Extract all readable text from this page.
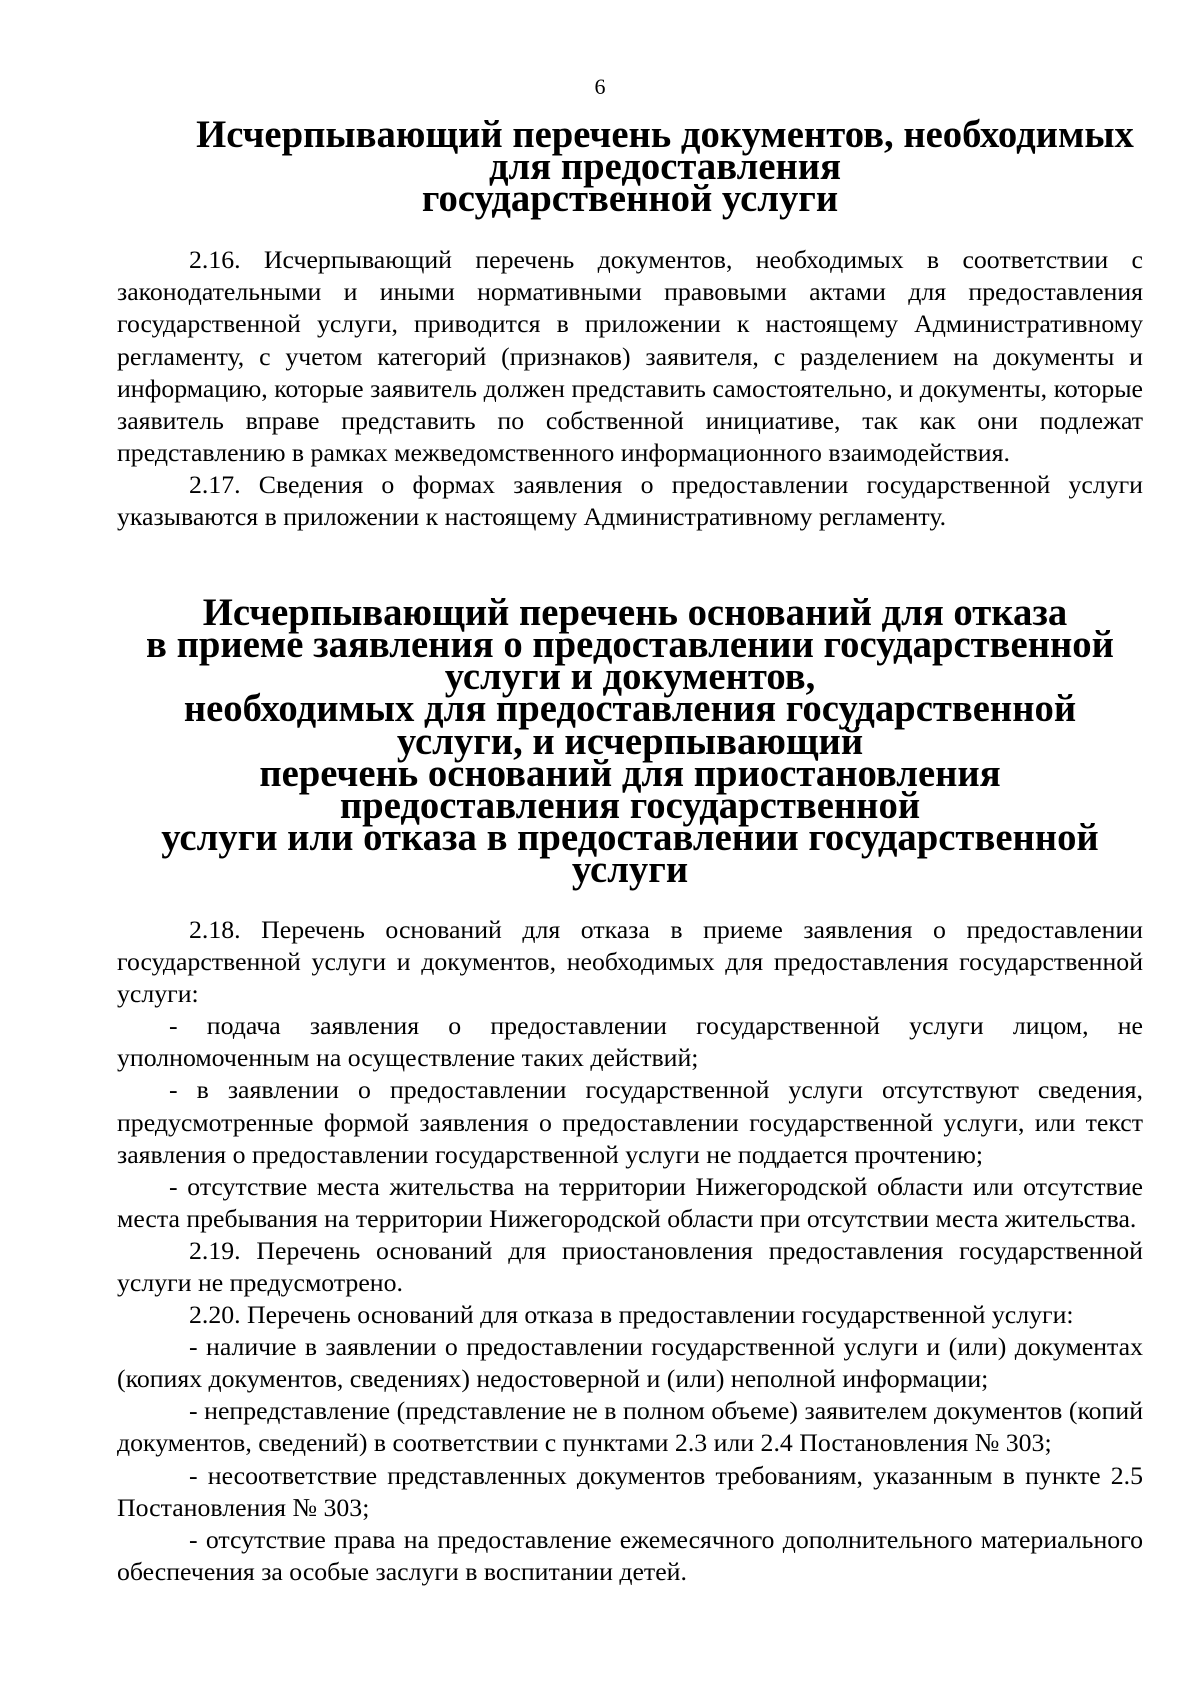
6
Исчерпывающий перечень документов, необходимых для предоставления
государственной услуги

2.16. Исчерпывающий перечень документов, необходимых в соответствии с законодательными и иными нормативными правовыми актами для предоставления государственной услуги, приводится в приложении к настоящему Административному регламенту, с учетом категорий (признаков) заявителя, с разделением на документы и информацию, которые заявитель должен представить самостоятельно, и документы, которые заявитель вправе представить по собственной инициативе, так как они подлежат представлению в рамках межведомственного информационного взаимодействия.

2.17. Сведения о формах заявления о предоставлении государственной услуги указываются в приложении к настоящему Административному регламенту.

Исчерпывающий перечень оснований для отказа
в приеме заявления о предоставлении государственной услуги и документов,
необходимых для предоставления государственной услуги, и исчерпывающий
перечень оснований для приостановления предоставления государственной
услуги или отказа в предоставлении государственной услуги

2.18. Перечень оснований для отказа в приеме заявления о предоставлении государственной услуги и документов, необходимых для предоставления государственной услуги:

- подача заявления о предоставлении государственной услуги лицом, не уполномоченным на осуществление таких действий;

- в заявлении о предоставлении государственной услуги отсутствуют сведения, предусмотренные формой заявления о предоставлении государственной услуги, или текст заявления о предоставлении государственной услуги не поддается прочтению;

- отсутствие места жительства на территории Нижегородской области или отсутствие места пребывания на территории Нижегородской области при отсутствии места жительства.

2.19. Перечень оснований для приостановления предоставления государственной услуги не предусмотрено.

2.20. Перечень оснований для отказа в предоставлении государственной услуги:

- наличие в заявлении о предоставлении государственной услуги и (или) документах (копиях документов, сведениях) недостоверной и (или) неполной информации;

- непредставление (представление не в полном объеме) заявителем документов (копий документов, сведений) в соответствии с пунктами 2.3 или 2.4 Постановления № 303;

- несоответствие представленных документов требованиям, указанным в пункте 2.5 Постановления № 303;

- отсутствие права на предоставление ежемесячного дополнительного материального обеспечения за особые заслуги в воспитании детей.
